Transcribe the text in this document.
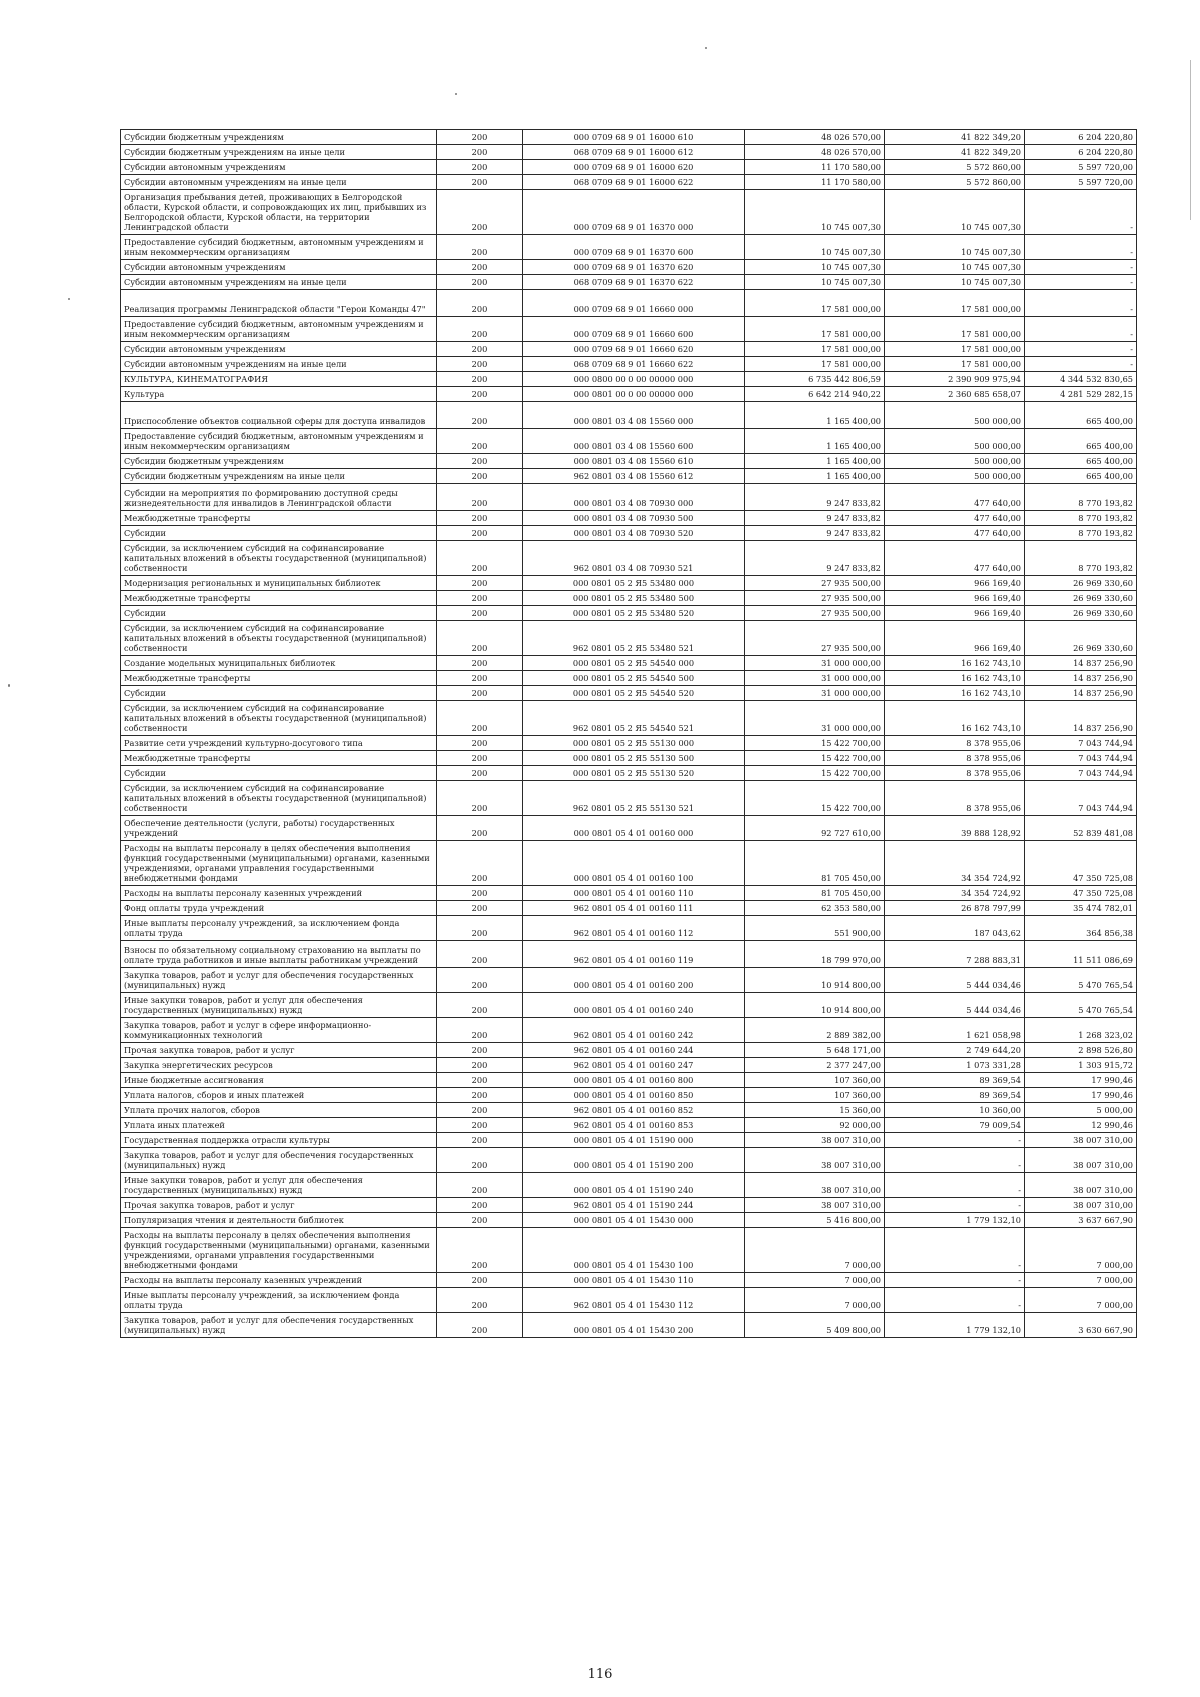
Субсидии бюджетным учреждениям	200	000 0709 68 9 01 16000 610	48 026 570,00	41 822 349,20	6 204 220,80
Субсидии бюджетным учреждениям на иные цели	200	068 0709 68 9 01 16000 612	48 026 570,00	41 822 349,20	6 204 220,80
Субсидии автономным учреждениям	200	000 0709 68 9 01 16000 620	11 170 580,00	5 572 860,00	5 597 720,00
Субсидии автономным учреждениям на иные цели	200	068 0709 68 9 01 16000 622	11 170 580,00	5 572 860,00	5 597 720,00
Организация пребывания детей, проживающих в Белгородской области, Курской области, и сопровождающих их лиц, прибывших из Белгородской области, Курской области, на территории Ленинградской области	200	000 0709 68 9 01 16370 000	10 745 007,30	10 745 007,30	-
Предоставление субсидий бюджетным, автономным учреждениям и иным некоммерческим организациям	200	000 0709 68 9 01 16370 600	10 745 007,30	10 745 007,30	-
Субсидии автономным учреждениям	200	000 0709 68 9 01 16370 620	10 745 007,30	10 745 007,30	-
Субсидии автономным учреждениям на иные цели	200	068 0709 68 9 01 16370 622	10 745 007,30	10 745 007,30	-
Реализация программы Ленинградской области "Герои Команды 47"	200	000 0709 68 9 01 16660 000	17 581 000,00	17 581 000,00	-
Предоставление субсидий бюджетным, автономным учреждениям и иным некоммерческим организациям	200	000 0709 68 9 01 16660 600	17 581 000,00	17 581 000,00	-
Субсидии автономным учреждениям	200	000 0709 68 9 01 16660 620	17 581 000,00	17 581 000,00	-
Субсидии автономным учреждениям на иные цели	200	068 0709 68 9 01 16660 622	17 581 000,00	17 581 000,00	-
КУЛЬТУРА, КИНЕМАТОГРАФИЯ	200	000 0800 00 0 00 00000 000	6 735 442 806,59	2 390 909 975,94	4 344 532 830,65
Культура	200	000 0801 00 0 00 00000 000	6 642 214 940,22	2 360 685 658,07	4 281 529 282,15
Приспособление объектов социальной сферы для доступа инвалидов	200	000 0801 03 4 08 15560 000	1 165 400,00	500 000,00	665 400,00
Предоставление субсидий бюджетным, автономным учреждениям и иным некоммерческим организациям	200	000 0801 03 4 08 15560 600	1 165 400,00	500 000,00	665 400,00
Субсидии бюджетным учреждениям	200	000 0801 03 4 08 15560 610	1 165 400,00	500 000,00	665 400,00
Субсидии бюджетным учреждениям на иные цели	200	962 0801 03 4 08 15560 612	1 165 400,00	500 000,00	665 400,00
Субсидии на мероприятия по формированию доступной среды жизнедеятельности для инвалидов в Ленинградской области	200	000 0801 03 4 08 70930 000	9 247 833,82	477 640,00	8 770 193,82
Межбюджетные трансферты	200	000 0801 03 4 08 70930 500	9 247 833,82	477 640,00	8 770 193,82
Субсидии	200	000 0801 03 4 08 70930 520	9 247 833,82	477 640,00	8 770 193,82
Субсидии, за исключением субсидий на софинансирование капитальных вложений в объекты государственной (муниципальной) собственности	200	962 0801 03 4 08 70930 521	9 247 833,82	477 640,00	8 770 193,82
Модернизация региональных и муниципальных библиотек	200	000 0801 05 2 Я5 53480 000	27 935 500,00	966 169,40	26 969 330,60
Межбюджетные трансферты	200	000 0801 05 2 Я5 53480 500	27 935 500,00	966 169,40	26 969 330,60
Субсидии	200	000 0801 05 2 Я5 53480 520	27 935 500,00	966 169,40	26 969 330,60
Субсидии, за исключением субсидий на софинансирование капитальных вложений в объекты государственной (муниципальной) собственности	200	962 0801 05 2 Я5 53480 521	27 935 500,00	966 169,40	26 969 330,60
Создание модельных муниципальных библиотек	200	000 0801 05 2 Я5 54540 000	31 000 000,00	16 162 743,10	14 837 256,90
Межбюджетные трансферты	200	000 0801 05 2 Я5 54540 500	31 000 000,00	16 162 743,10	14 837 256,90
Субсидии	200	000 0801 05 2 Я5 54540 520	31 000 000,00	16 162 743,10	14 837 256,90
Субсидии, за исключением субсидий на софинансирование капитальных вложений в объекты государственной (муниципальной) собственности	200	962 0801 05 2 Я5 54540 521	31 000 000,00	16 162 743,10	14 837 256,90
Развитие сети учреждений культурно-досугового типа	200	000 0801 05 2 Я5 55130 000	15 422 700,00	8 378 955,06	7 043 744,94
Межбюджетные трансферты	200	000 0801 05 2 Я5 55130 500	15 422 700,00	8 378 955,06	7 043 744,94
Субсидии	200	000 0801 05 2 Я5 55130 520	15 422 700,00	8 378 955,06	7 043 744,94
Субсидии, за исключением субсидий на софинансирование капитальных вложений в объекты государственной (муниципальной) собственности	200	962 0801 05 2 Я5 55130 521	15 422 700,00	8 378 955,06	7 043 744,94
Обеспечение деятельности (услуги, работы) государственных учреждений	200	000 0801 05 4 01 00160 000	92 727 610,00	39 888 128,92	52 839 481,08
Расходы на выплаты персоналу в целях обеспечения выполнения функций государственными (муниципальными) органами, казенными учреждениями, органами управления государственными внебюджетными фондами	200	000 0801 05 4 01 00160 100	81 705 450,00	34 354 724,92	47 350 725,08
Расходы на выплаты персоналу казенных учреждений	200	000 0801 05 4 01 00160 110	81 705 450,00	34 354 724,92	47 350 725,08
Фонд оплаты труда учреждений	200	962 0801 05 4 01 00160 111	62 353 580,00	26 878 797,99	35 474 782,01
Иные выплаты персоналу учреждений, за исключением фонда оплаты труда	200	962 0801 05 4 01 00160 112	551 900,00	187 043,62	364 856,38
Взносы по обязательному социальному страхованию на выплаты по оплате труда работников и иные выплаты работникам учреждений	200	962 0801 05 4 01 00160 119	18 799 970,00	7 288 883,31	11 511 086,69
Закупка товаров, работ и услуг для обеспечения государственных (муниципальных) нужд	200	000 0801 05 4 01 00160 200	10 914 800,00	5 444 034,46	5 470 765,54
Иные закупки товаров, работ и услуг для обеспечения государственных (муниципальных) нужд	200	000 0801 05 4 01 00160 240	10 914 800,00	5 444 034,46	5 470 765,54
Закупка товаров, работ и услуг в сфере информационно-коммуникационных технологий	200	962 0801 05 4 01 00160 242	2 889 382,00	1 621 058,98	1 268 323,02
Прочая закупка товаров, работ и услуг	200	962 0801 05 4 01 00160 244	5 648 171,00	2 749 644,20	2 898 526,80
Закупка энергетических ресурсов	200	962 0801 05 4 01 00160 247	2 377 247,00	1 073 331,28	1 303 915,72
Иные бюджетные ассигнования	200	000 0801 05 4 01 00160 800	107 360,00	89 369,54	17 990,46
Уплата налогов, сборов и иных платежей	200	000 0801 05 4 01 00160 850	107 360,00	89 369,54	17 990,46
Уплата прочих налогов, сборов	200	962 0801 05 4 01 00160 852	15 360,00	10 360,00	5 000,00
Уплата иных платежей	200	962 0801 05 4 01 00160 853	92 000,00	79 009,54	12 990,46
Государственная поддержка отрасли культуры	200	000 0801 05 4 01 15190 000	38 007 310,00	-	38 007 310,00
Закупка товаров, работ и услуг для обеспечения государственных (муниципальных) нужд	200	000 0801 05 4 01 15190 200	38 007 310,00	-	38 007 310,00
Иные закупки товаров, работ и услуг для обеспечения государственных (муниципальных) нужд	200	000 0801 05 4 01 15190 240	38 007 310,00	-	38 007 310,00
Прочая закупка товаров, работ и услуг	200	962 0801 05 4 01 15190 244	38 007 310,00	-	38 007 310,00
Популяризация чтения и деятельности библиотек	200	000 0801 05 4 01 15430 000	5 416 800,00	1 779 132,10	3 637 667,90
Расходы на выплаты персоналу в целях обеспечения выполнения функций государственными (муниципальными) органами, казенными учреждениями, органами управления государственными внебюджетными фондами	200	000 0801 05 4 01 15430 100	7 000,00	-	7 000,00
Расходы на выплаты персоналу казенных учреждений	200	000 0801 05 4 01 15430 110	7 000,00	-	7 000,00
Иные выплаты персоналу учреждений, за исключением фонда оплаты труда	200	962 0801 05 4 01 15430 112	7 000,00	-	7 000,00
Закупка товаров, работ и услуг для обеспечения государственных (муниципальных) нужд	200	000 0801 05 4 01 15430 200	5 409 800,00	1 779 132,10	3 630 667,90
116
